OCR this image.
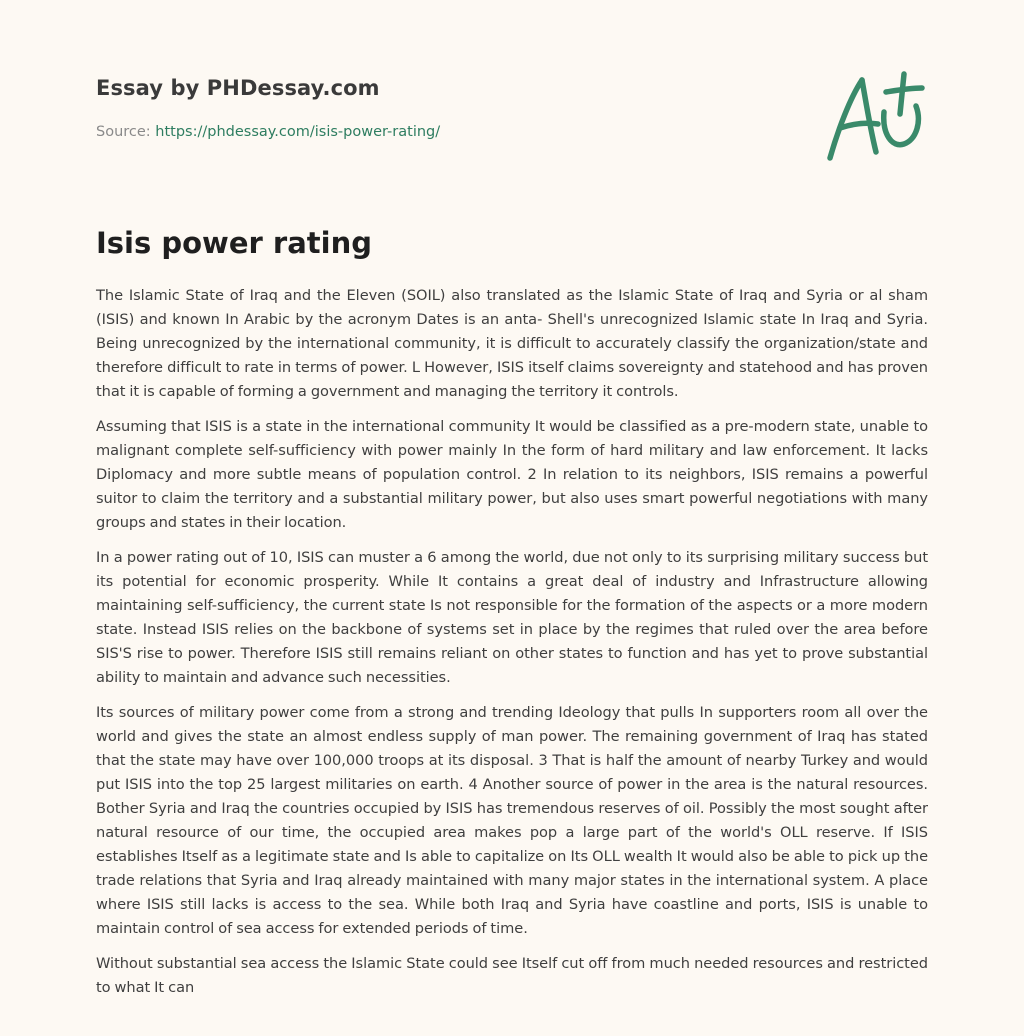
Essay by PHDessay.com
Source: https://phdessay.com/isis-power-rating/
Isis power rating

The Islamic State of Iraq and the Eleven (SOIL) also translated as the Islamic State of Iraq and Syria or al sham (ISIS) and known In Arabic by the acronym Dates is an anta- Shell's unrecognized Islamic state In Iraq and Syria. Being unrecognized by the international community, it is difficult to accurately classify the organization/state and therefore difficult to rate in terms of power. L However, ISIS itself claims sovereignty and statehood and has proven that it is capable of forming a government and managing the territory it controls.

Assuming that ISIS is a state in the international community It would be classified as a pre-modern state, unable to malignant complete self-sufficiency with power mainly In the form of hard military and law enforcement. It lacks Diplomacy and more subtle means of population control. 2 In relation to its neighbors, ISIS remains a powerful suitor to claim the territory and a substantial military power, but also uses smart powerful negotiations with many groups and states in their location.

In a power rating out of 10, ISIS can muster a 6 among the world, due not only to its surprising military success but its potential for economic prosperity. While It contains a great deal of industry and Infrastructure allowing maintaining self-sufficiency, the current state Is not responsible for the formation of the aspects or a more modern state. Instead ISIS relies on the backbone of systems set in place by the regimes that ruled over the area before SIS'S rise to power. Therefore ISIS still remains reliant on other states to function and has yet to prove substantial ability to maintain and advance such necessities.

Its sources of military power come from a strong and trending Ideology that pulls In supporters room all over the world and gives the state an almost endless supply of man power. The remaining government of Iraq has stated that the state may have over 100,000 troops at its disposal. 3 That is half the amount of nearby Turkey and would put ISIS into the top 25 largest militaries on earth. 4 Another source of power in the area is the natural resources. Bother Syria and Iraq the countries occupied by ISIS has tremendous reserves of oil. Possibly the most sought after natural resource of our time, the occupied area makes pop a large part of the world's OLL reserve. If ISIS establishes Itself as a legitimate state and Is able to capitalize on Its OLL wealth It would also be able to pick up the trade relations that Syria and Iraq already maintained with many major states in the international system. A place where ISIS still lacks is access to the sea. While both Iraq and Syria have coastline and ports, ISIS is unable to maintain control of sea access for extended periods of time.

Without substantial sea access the Islamic State could see Itself cut off from much needed resources and restricted to what It can
